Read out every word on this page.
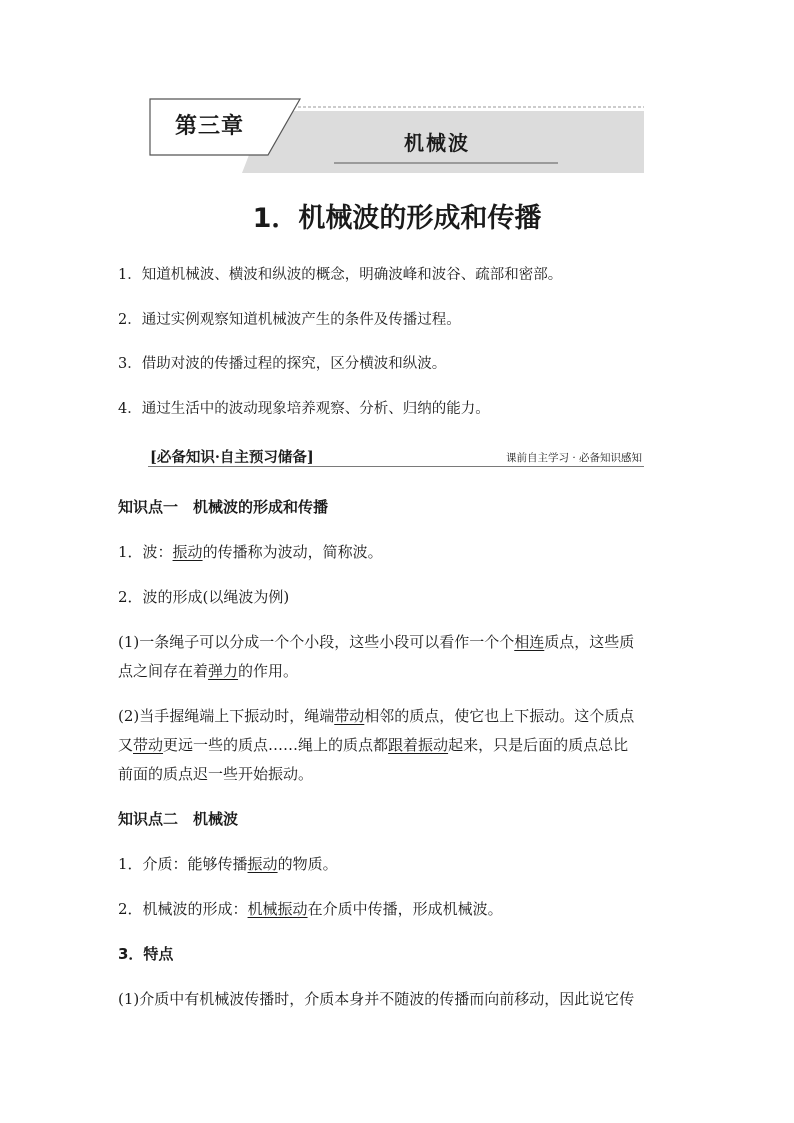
第三章
机械波
1．机械波的形成和传播
1．知道机械波、横波和纵波的概念，明确波峰和波谷、疏部和密部。
2．通过实例观察知道机械波产生的条件及传播过程。
3．借助对波的传播过程的探究，区分横波和纵波。
4．通过生活中的波动现象培养观察、分析、归纳的能力。
[必备知识·自主预习储备]	课前自主学习 · 必备知识感知

知识点一　机械波的形成和传播

1．波：振动的传播称为波动，简称波。

2．波的形成(以绳波为例)

(1)一条绳子可以分成一个个小段，这些小段可以看作一个个相连质点，这些质
点之间存在着弹力的作用。

(2)当手握绳端上下振动时，绳端带动相邻的质点，使它也上下振动。这个质点
又带动更远一些的质点……绳上的质点都跟着振动起来，只是后面的质点总比
前面的质点迟一些开始振动。

知识点二　机械波

1．介质：能够传播振动的物质。

2．机械波的形成：机械振动在介质中传播，形成机械波。

3．特点

(1)介质中有机械波传播时，介质本身并不随波的传播而向前移动，因此说它传
